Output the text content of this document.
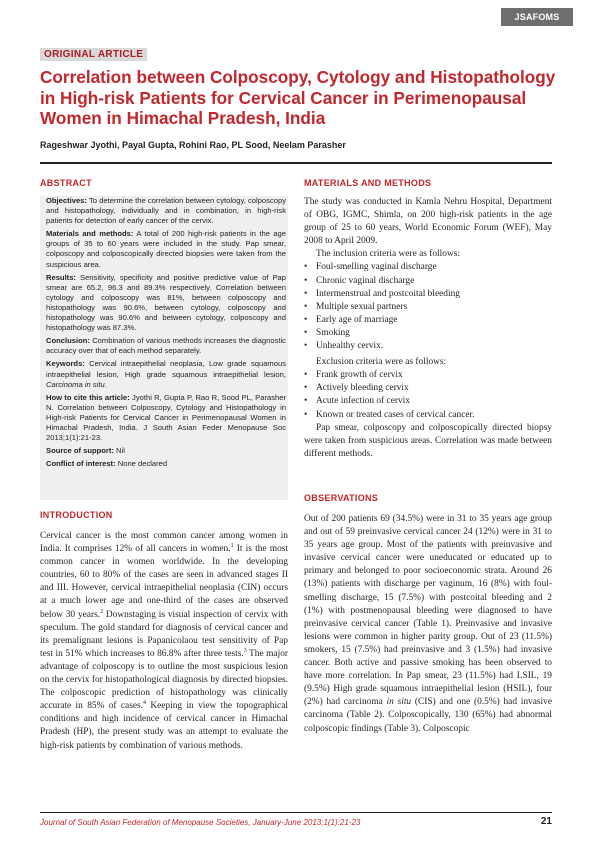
JSAFOMS
ORIGINAL ARTICLE
Correlation between Colposcopy, Cytology and Histopathology in High-risk Patients for Cervical Cancer in Perimenopausal Women in Himachal Pradesh, India
Rageshwar Jyothi, Payal Gupta, Rohini Rao, PL Sood, Neelam Parasher
ABSTRACT

Objectives: To determine the correlation between cytology, colposcopy and histopathology, individually and in combination, in high-risk patients for detection of early cancer of the cervix.

Materials and methods: A total of 200 high-risk patients in the age groups of 35 to 60 years were included in the study. Pap smear, colposcopy and colposcopically directed biopsies were taken from the suspicious area.

Results: Sensitivity, specificity and positive predictive value of Pap smear are 65.2, 96.3 and 89.3% respectively. Correlation between cytology and colposcopy was 81%, between colposcopy and histopathology was 90.6%, between cytology, colposcopy and histopathology was 90.6% and between cytology, colposcopy and histopathology was 87.3%.

Conclusion: Combination of various methods increases the diagnostic accuracy over that of each method separately.

Keywords: Cervical intraepithelial neoplasia, Low grade squamous intraepithelial lesion, High grade squamous intraepithelial lesion, Carcinoma in situ.

How to cite this article: Jyothi R, Gupta P, Rao R, Sood PL, Parasher N. Correlation between Colposcopy, Cytology and Histopathology in High-risk Patients for Cervical Cancer in Perimenopausal Women in Himachal Pradesh, India. J South Asian Feder Menopause Soc 2013;1(1):21-23.

Source of support: Nil

Conflict of interest: None declared

INTRODUCTION

Cervical cancer is the most common cancer among women in India. It comprises 12% of all cancers in women.$^1$ It is the most common cancer in women worldwide. In the developing countries, 60 to 80% of the cases are seen in advanced stages II and III. However, cervical intraepithelial neoplasia (CIN) occurs at a much lower age and one-third of the cases are observed below 30 years.$^2$ Downstaging is visual inspection of cervix with speculum. The gold standard for diagnosis of cervical cancer and its premalignant lesions is Papanicolaou test sensitivity of Pap test in 51% which increases to 86.8% after three tests.$^3$ The major advantage of colposcopy is to outline the most suspicious lesion on the cervix for histopathological diagnosis by directed biopsies. The colposcopic prediction of histopathology was clinically accurate in 85% of cases.$^4$ Keeping in view the topographical conditions and high incidence of cervical cancer in Himachal Pradesh (HP), the present study was an attempt to evaluate the high-risk patients by combination of various methods.

MATERIALS AND METHODS

The study was conducted in Kamla Nehru Hospital, Department of OBG, IGMC, Shimla, on 200 high-risk patients in the age group of 25 to 60 years, World Economic Forum (WEF), May 2008 to April 2009.

The inclusion criteria were as follows:

• Foul-smelling vaginal discharge
• Chronic vaginal discharge
• Intermenstrual and postcoital bleeding
• Multiple sexual partners
• Early age of marriage
• Smoking
• Unhealthy cervix.

Exclusion criteria were as follows:

• Frank growth of cervix
• Actively bleeding cervix
• Acute infection of cervix
• Known or treated cases of cervical cancer.

Pap smear, colposcopy and colposcopically directed biopsy were taken from suspicious areas. Correlation was made between different methods.

OBSERVATIONS

Out of 200 patients 69 (34.5%) were in 31 to 35 years age group and out of 59 preinvasive cervical cancer 24 (12%) were in 31 to 35 years age group. Most of the patients with preinvasive and invasive cervical cancer were uneducated or educated up to primary and belonged to poor socioeconomic strata. Around 26 (13%) patients with discharge per vaginum, 16 (8%) with foul-smelling discharge, 15 (7.5%) with postcoital bleeding and 2 (1%) with postmenopausal bleeding were diagnosed to have preinvasive cervical cancer (Table 1). Preinvasive and invasive lesions were common in higher parity group. Out of 23 (11.5%) smokers, 15 (7.5%) had preinvasive and 3 (1.5%) had invasive cancer. Both active and passive smoking has been observed to have more correlation. In Pap smear, 23 (11.5%) had LSIL, 19 (9.5%) High grade squamous intraepithelial lesion (HSIL), four (2%) had carcinoma in situ (CIS) and one (0.5%) had invasive carcinoma (Table 2). Colposcopically, 130 (65%) had abnormal colposcopic findings (Table 3). Colposcopic

Journal of South Asian Federation of Menopause Societies, January-June 2013;1(1):21-23	21
